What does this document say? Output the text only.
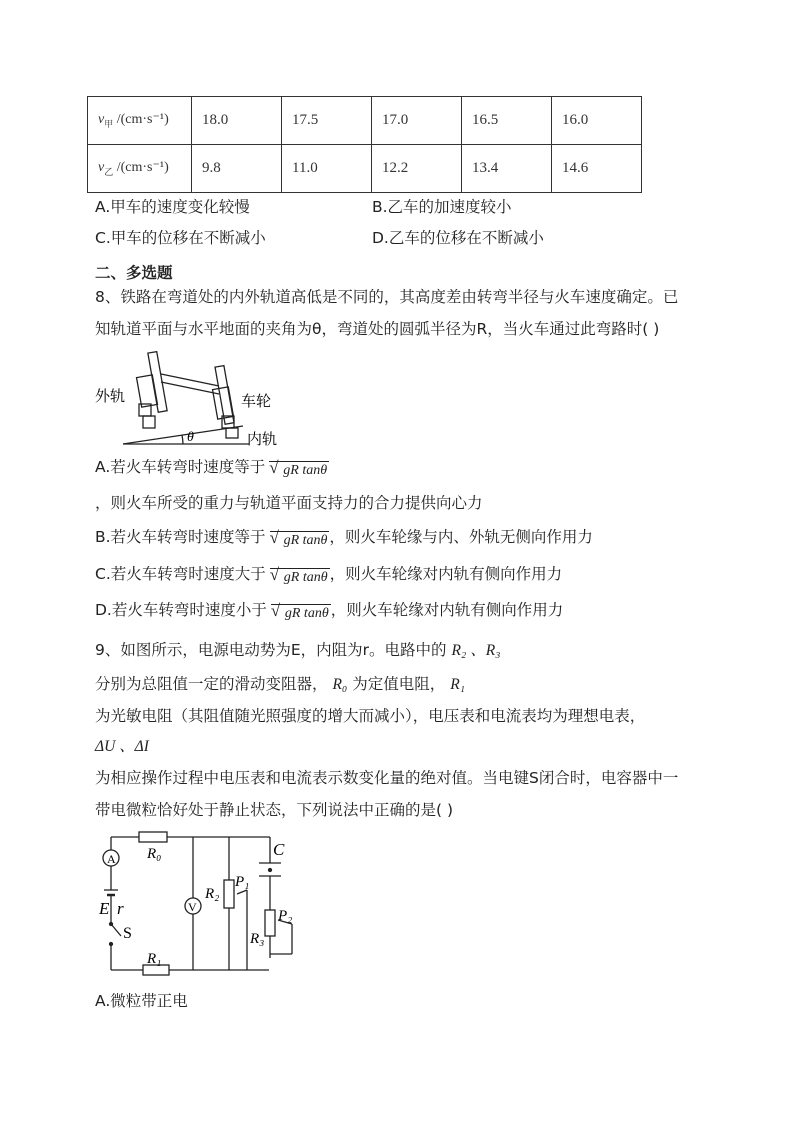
$v_甲$ /(cm·s⁻¹)	18.0	17.5	17.0	16.5	16.0
$v_乙$ /(cm·s⁻¹)	9.8	11.0	12.2	13.4	14.6
A.甲车的速度变化较慢	B.乙车的加速度较小
C.甲车的位移在不断减小	D.乙车的位移在不断减小
二、多选题
8、铁路在弯道处的内外轨道高低是不同的，其高度差由转弯半径与火车速度确定。已
知轨道平面与水平地面的夹角为θ，弯道处的圆弧半径为R，当火车通过此弯路时( )
外轨	车轮
内轨
θ
A.若火车转弯时速度等于 √ gR tanθ
，则火车所受的重力与轨道平面支持力的合力提供向心力
B.若火车转弯时速度等于 √ gR tanθ ，则火车轮缘与内、外轨无侧向作用力
C.若火车转弯时速度大于 √ gR tanθ ，则火车轮缘对内轨有侧向作用力
D.若火车转弯时速度小于 √ gR tanθ ，则火车轮缘对内轨有侧向作用力
9、如图所示，电源电动势为E，内阻为r。电路中的 R₂ 、R₃
分别为总阻值一定的滑动变阻器， R₀ 为定值电阻， R₁
为光敏电阻（其阻值随光照强度的增大而减小），电压表和电流表均为理想电表，
ΔU 、ΔI
为相应操作过程中电压表和电流表示数变化量的绝对值。当电键S闭合时，电容器中一
带电微粒恰好处于静止状态，下列说法中正确的是( )
A
V
R₀
R₁
R₂
R₃
P₁
P₂
C
E r
S
A.微粒带正电
